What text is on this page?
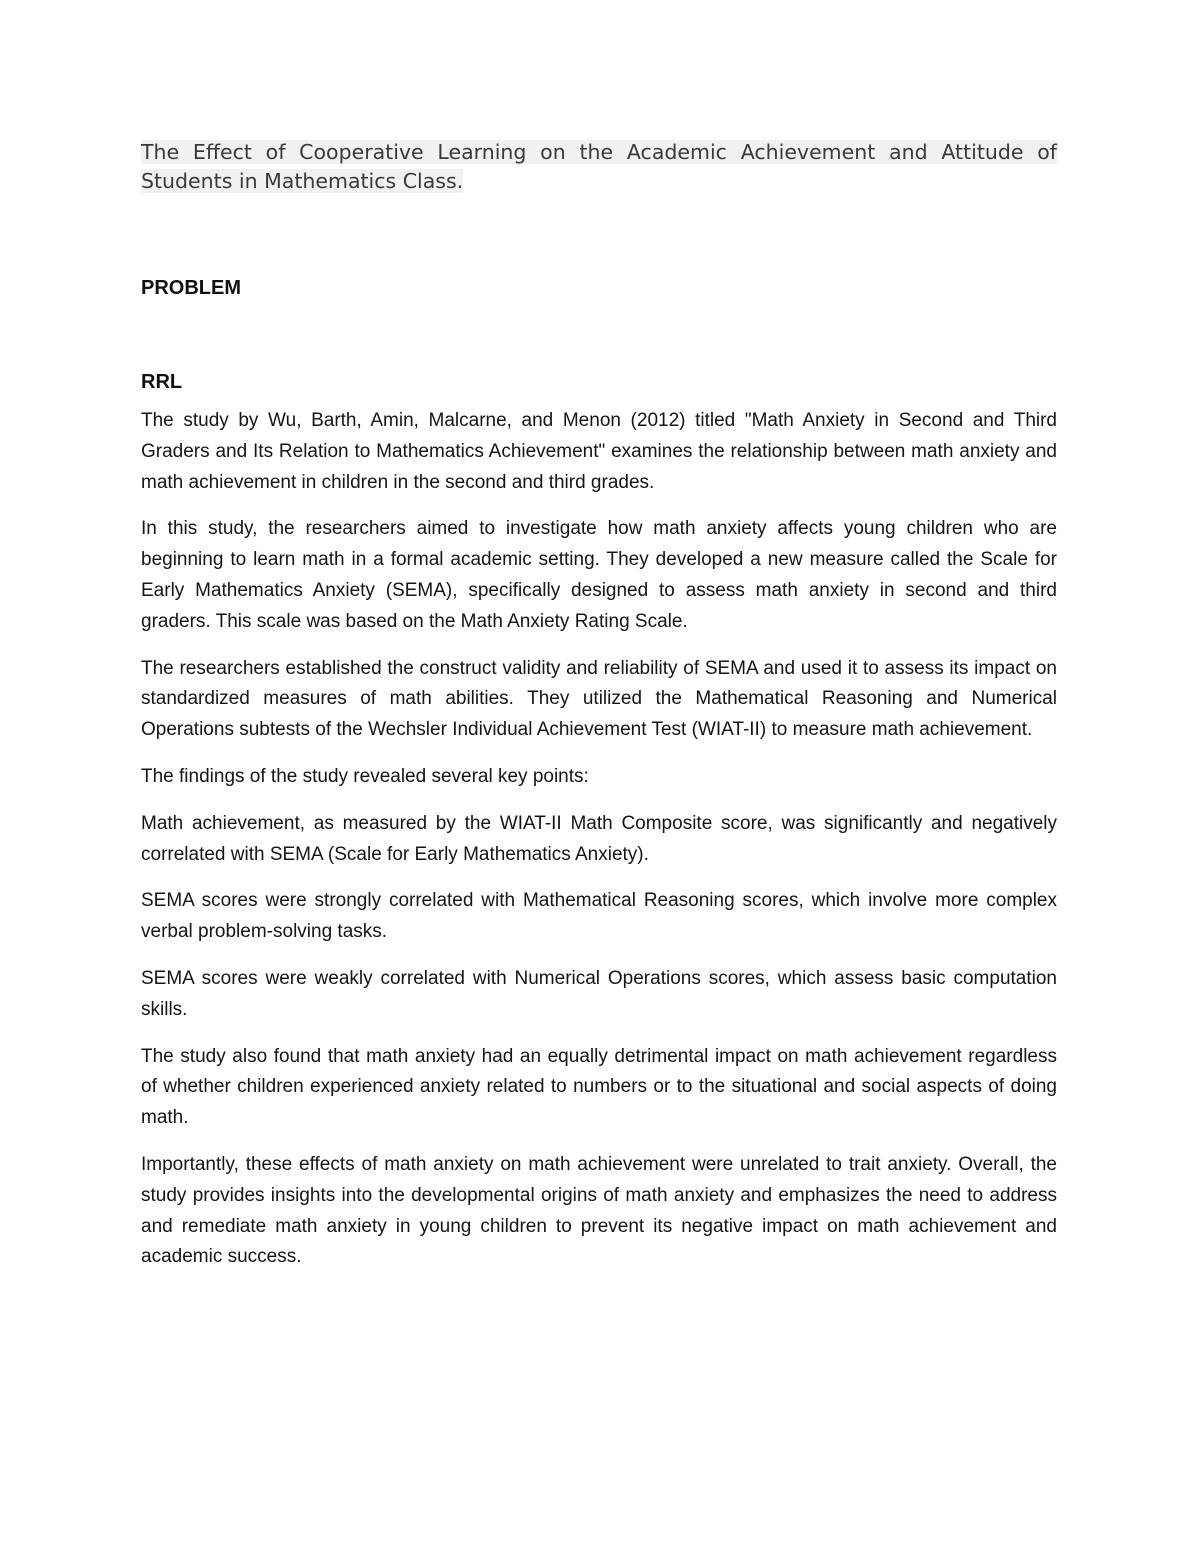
The Effect of Cooperative Learning on the Academic Achievement and Attitude of Students in Mathematics Class.

PROBLEM
RRL

The study by Wu, Barth, Amin, Malcarne, and Menon (2012) titled "Math Anxiety in Second and Third Graders and Its Relation to Mathematics Achievement" examines the relationship between math anxiety and math achievement in children in the second and third grades.

In this study, the researchers aimed to investigate how math anxiety affects young children who are beginning to learn math in a formal academic setting. They developed a new measure called the Scale for Early Mathematics Anxiety (SEMA), specifically designed to assess math anxiety in second and third graders. This scale was based on the Math Anxiety Rating Scale.

The researchers established the construct validity and reliability of SEMA and used it to assess its impact on standardized measures of math abilities. They utilized the Mathematical Reasoning and Numerical Operations subtests of the Wechsler Individual Achievement Test (WIAT-II) to measure math achievement.

The findings of the study revealed several key points:

Math achievement, as measured by the WIAT-II Math Composite score, was significantly and negatively correlated with SEMA (Scale for Early Mathematics Anxiety).

SEMA scores were strongly correlated with Mathematical Reasoning scores, which involve more complex verbal problem-solving tasks.

SEMA scores were weakly correlated with Numerical Operations scores, which assess basic computation skills.

The study also found that math anxiety had an equally detrimental impact on math achievement regardless of whether children experienced anxiety related to numbers or to the situational and social aspects of doing math.

Importantly, these effects of math anxiety on math achievement were unrelated to trait anxiety. Overall, the study provides insights into the developmental origins of math anxiety and emphasizes the need to address and remediate math anxiety in young children to prevent its negative impact on math achievement and academic success.
